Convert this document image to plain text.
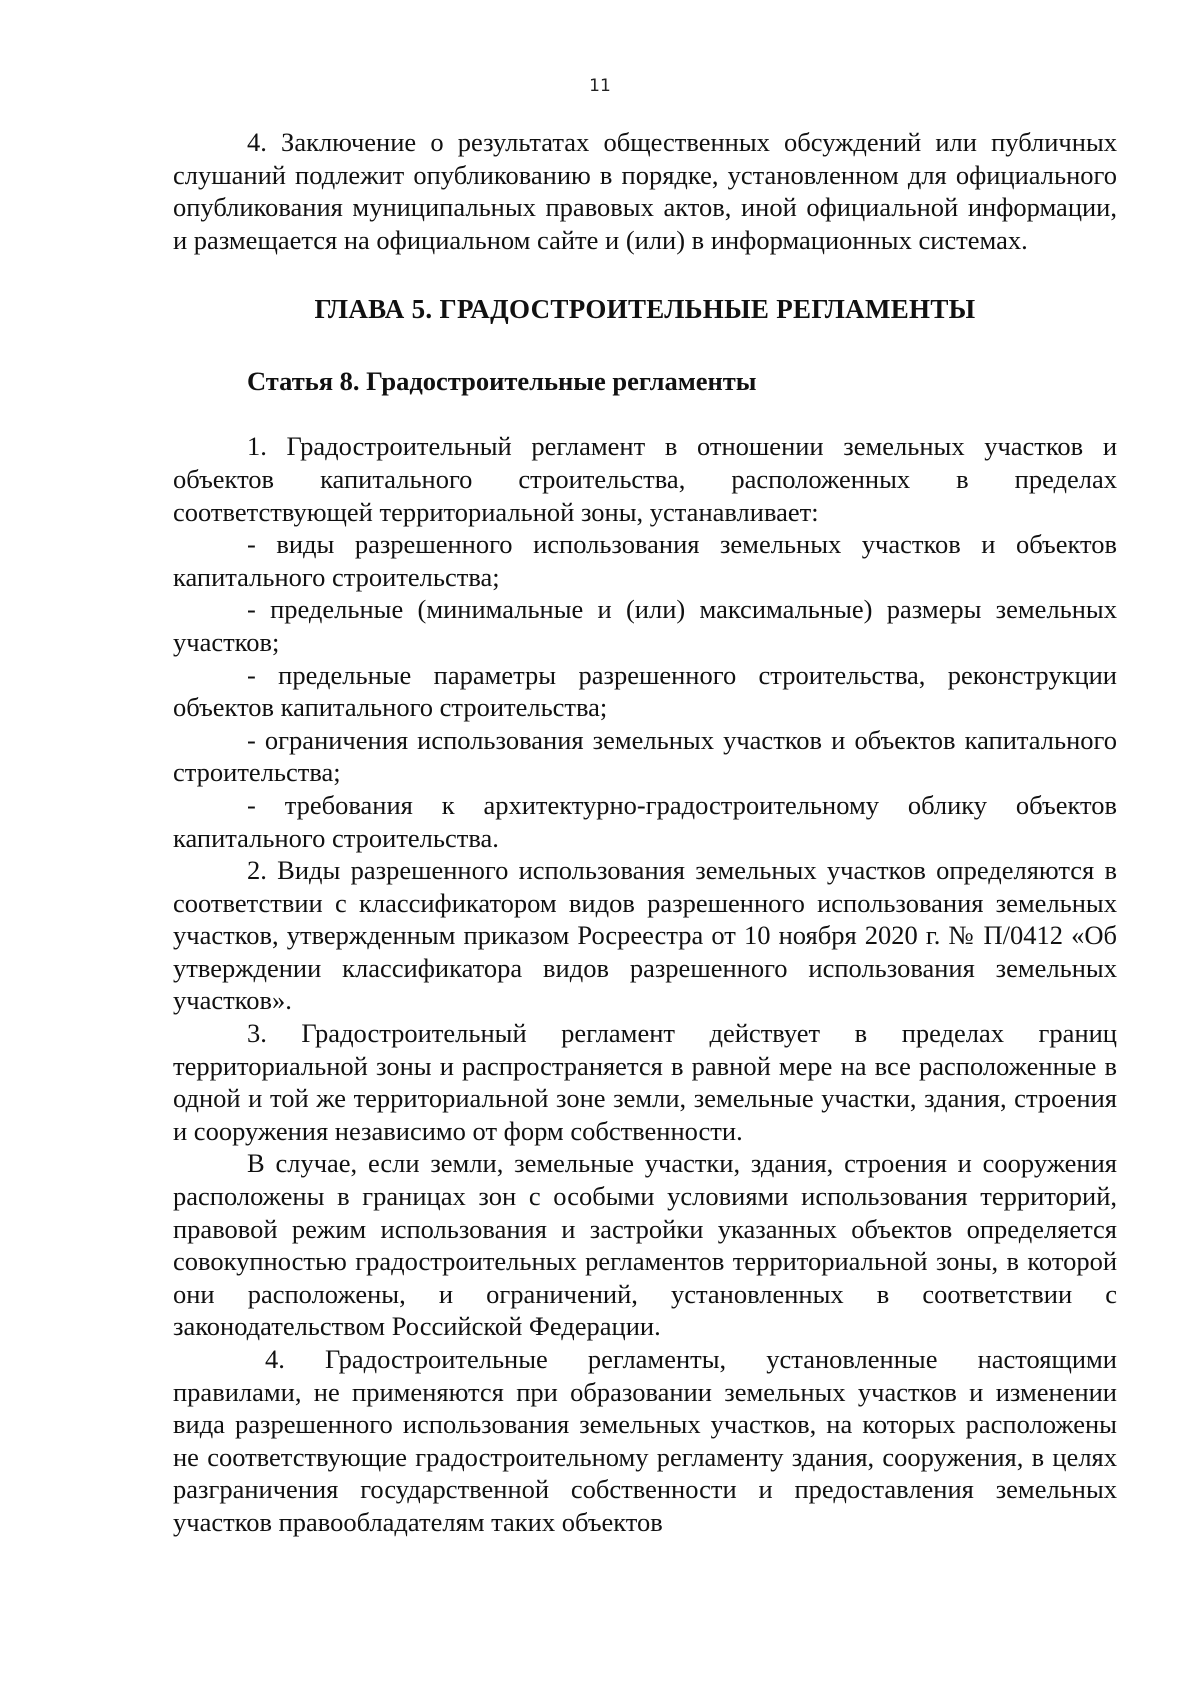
11

4. Заключение о результатах общественных обсуждений или публичных слушаний подлежит опубликованию в порядке, установленном для официального опубликования муниципальных правовых актов, иной официальной информации, и размещается на официальном сайте и (или) в информационных системах.

ГЛАВА 5. ГРАДОСТРОИТЕЛЬНЫЕ РЕГЛАМЕНТЫ
Статья 8. Градостроительные регламенты

1. Градостроительный регламент в отношении земельных участков и объектов капитального строительства, расположенных в пределах соответствующей территориальной зоны, устанавливает:

- виды разрешенного использования земельных участков и объектов капитального строительства;

- предельные (минимальные и (или) максимальные) размеры земельных участков;

- предельные параметры разрешенного строительства, реконструкции объектов капитального строительства;

- ограничения использования земельных участков и объектов капитального строительства;

- требования к архитектурно-градостроительному облику объектов капитального строительства.

2. Виды разрешенного использования земельных участков определяются в соответствии с классификатором видов разрешенного использования земельных участков, утвержденным приказом Росреестра от 10 ноября 2020 г. № П/0412 «Об утверждении классификатора видов разрешенного использования земельных участков».

3. Градостроительный регламент действует в пределах границ территориальной зоны и распространяется в равной мере на все расположенные в одной и той же территориальной зоне земли, земельные участки, здания, строения и сооружения независимо от форм собственности.

В случае, если земли, земельные участки, здания, строения и сооружения расположены в границах зон с особыми условиями использования территорий, правовой режим использования и застройки указанных объектов определяется совокупностью градостроительных регламентов территориальной зоны, в которой они расположены, и ограничений, установленных в соответствии с законодательством Российской Федерации.

4. Градостроительные регламенты, установленные настоящими правилами, не применяются при образовании земельных участков и изменении вида разрешенного использования земельных участков, на которых расположены не соответствующие градостроительному регламенту здания, сооружения, в целях разграничения государственной собственности и предоставления земельных участков правообладателям таких объектов
